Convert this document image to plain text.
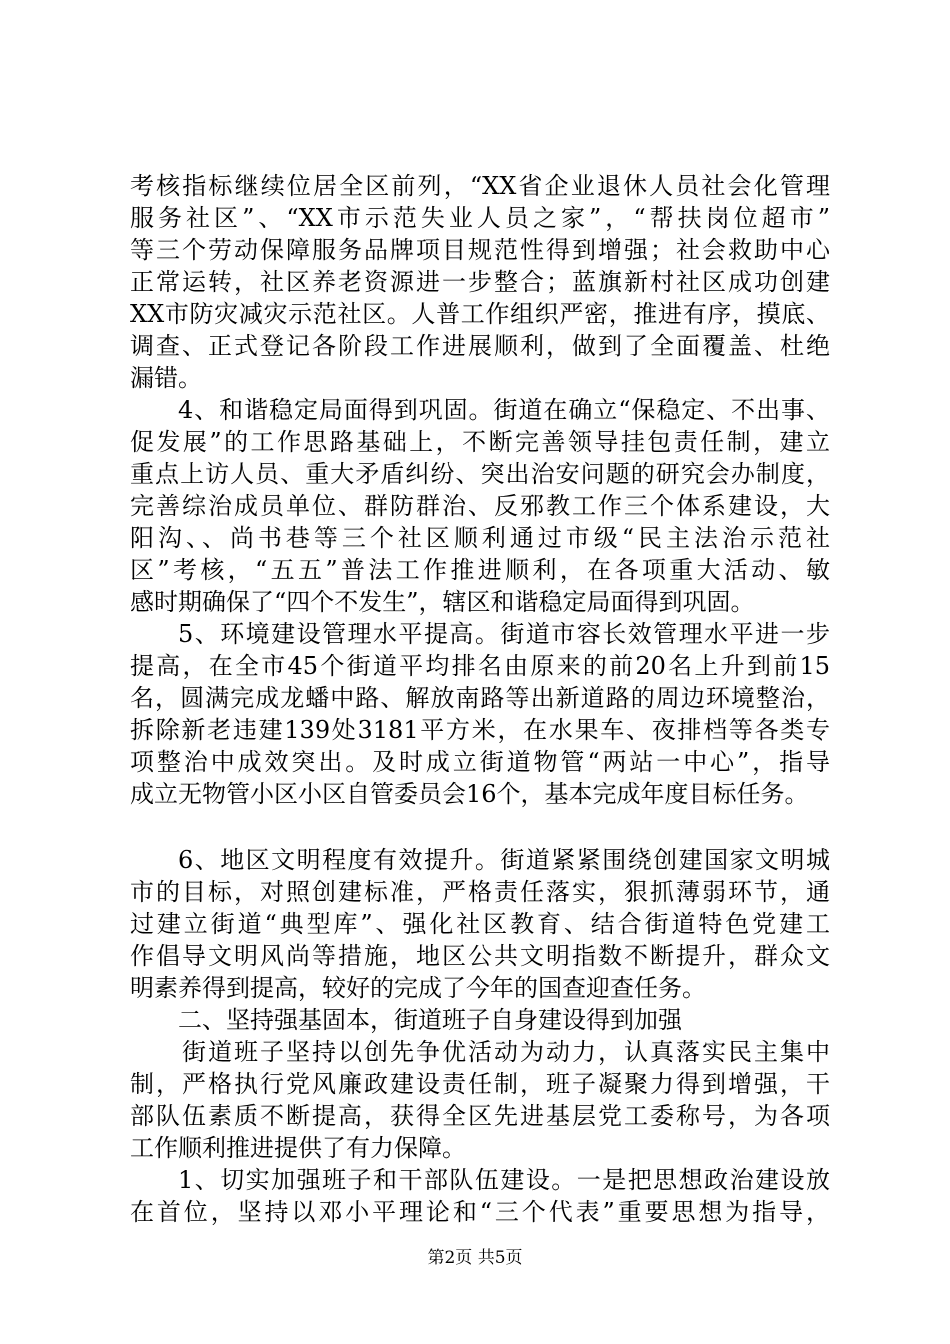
考核指标继续位居全区前列，“XX省企业退休人员社会化管理
服务社区”、“XX市示范失业人员之家”，“帮扶岗位超市”
等三个劳动保障服务品牌项目规范性得到增强；社会救助中心
正常运转，社区养老资源进一步整合；蓝旗新村社区成功创建
XX市防灾减灾示范社区。人普工作组织严密，推进有序，摸底、
调查、正式登记各阶段工作进展顺利，做到了全面覆盖、杜绝
漏错。
4、和谐稳定局面得到巩固。街道在确立“保稳定、不出事、
促发展”的工作思路基础上，不断完善领导挂包责任制，建立
重点上访人员、重大矛盾纠纷、突出治安问题的研究会办制度，
完善综治成员单位、群防群治、反邪教工作三个体系建设，大
阳沟、、尚书巷等三个社区顺利通过市级“民主法治示范社
区”考核，“五五”普法工作推进顺利，在各项重大活动、敏
感时期确保了“四个不发生”，辖区和谐稳定局面得到巩固。
5、环境建设管理水平提高。街道市容长效管理水平进一步
提高，在全市45个街道平均排名由原来的前20名上升到前15
名，圆满完成龙蟠中路、解放南路等出新道路的周边环境整治，
拆除新老违建139处3181平方米，在水果车、夜排档等各类专
项整治中成效突出。及时成立街道物管“两站一中心”，指导
成立无物管小区小区自管委员会16个，基本完成年度目标任务。
6、地区文明程度有效提升。街道紧紧围绕创建国家文明城
市的目标，对照创建标准，严格责任落实，狠抓薄弱环节，通
过建立街道“典型库”、强化社区教育、结合街道特色党建工
作倡导文明风尚等措施，地区公共文明指数不断提升，群众文
明素养得到提高，较好的完成了今年的国查迎查任务。
二、坚持强基固本，街道班子自身建设得到加强
街道班子坚持以创先争优活动为动力，认真落实民主集中
制，严格执行党风廉政建设责任制，班子凝聚力得到增强，干
部队伍素质不断提高，获得全区先进基层党工委称号，为各项
工作顺利推进提供了有力保障。
1、切实加强班子和干部队伍建设。一是把思想政治建设放
在首位，坚持以邓小平理论和“三个代表”重要思想为指导，
第2页 共5页
